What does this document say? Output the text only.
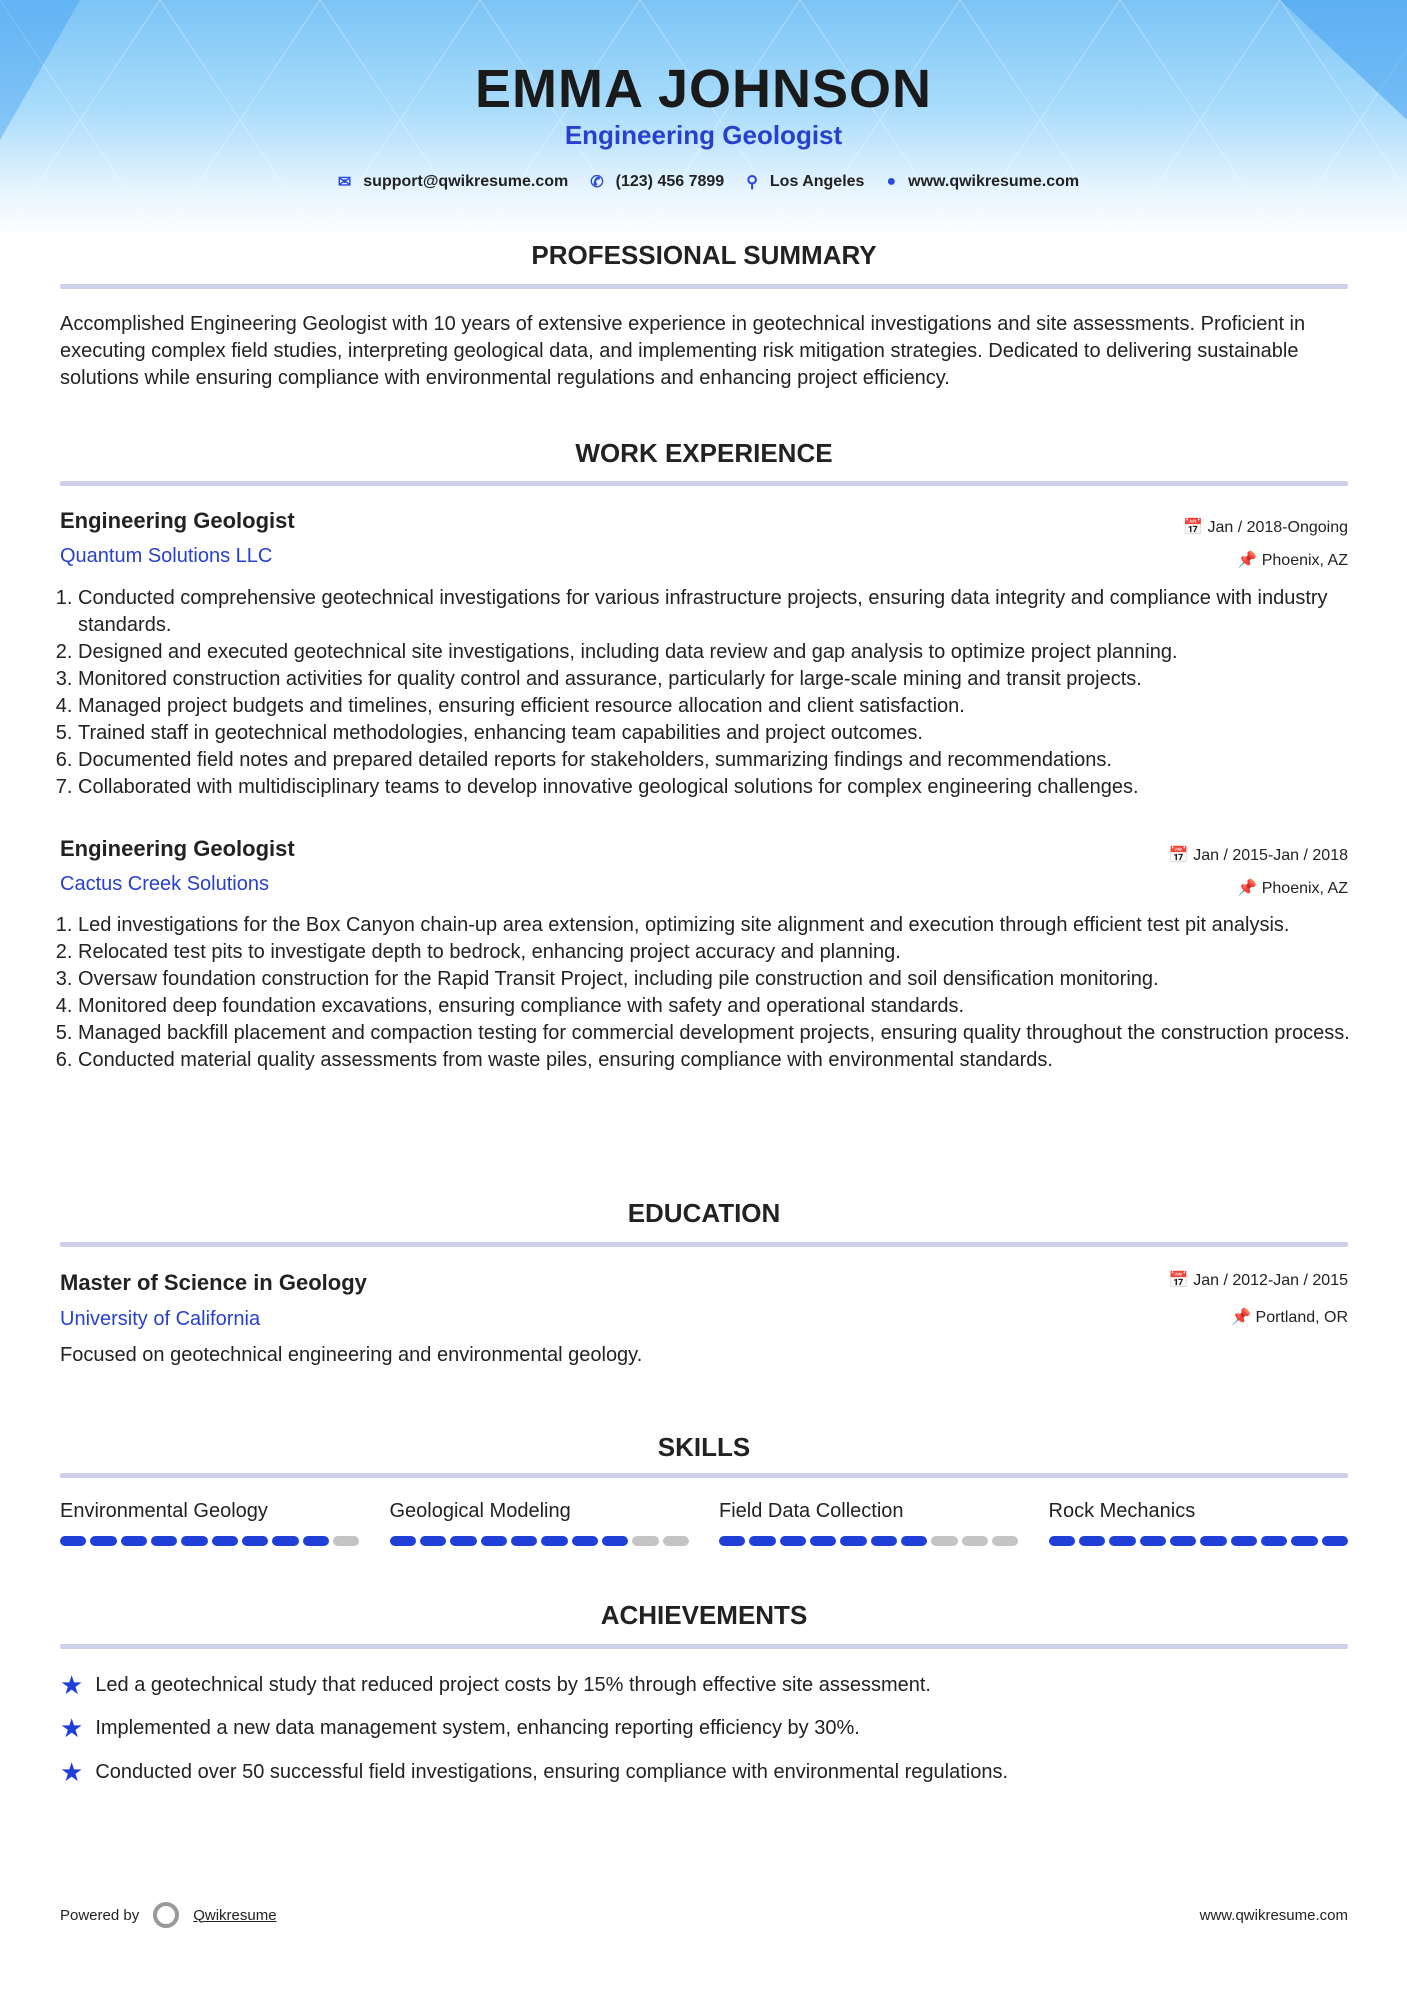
EMMA JOHNSON
Engineering Geologist
✉ support@qwikresume.com ✆ (123) 456 7899 ⚲ Los Angeles ● www.qwikresume.com
PROFESSIONAL SUMMARY
Accomplished Engineering Geologist with 10 years of extensive experience in geotechnical investigations and site assessments. Proficient in executing complex field studies, interpreting geological data, and implementing risk mitigation strategies. Dedicated to delivering sustainable solutions while ensuring compliance with environmental regulations and enhancing project efficiency.
WORK EXPERIENCE
Engineering Geologist
Quantum Solutions LLC
📅 Jan / 2018-Ongoing
📌 Phoenix, AZ
1. Conducted comprehensive geotechnical investigations for various infrastructure projects, ensuring data integrity and compliance with industry standards.
2. Designed and executed geotechnical site investigations, including data review and gap analysis to optimize project planning.
3. Monitored construction activities for quality control and assurance, particularly for large-scale mining and transit projects.
4. Managed project budgets and timelines, ensuring efficient resource allocation and client satisfaction.
5. Trained staff in geotechnical methodologies, enhancing team capabilities and project outcomes.
6. Documented field notes and prepared detailed reports for stakeholders, summarizing findings and recommendations.
7. Collaborated with multidisciplinary teams to develop innovative geological solutions for complex engineering challenges.
Engineering Geologist
Cactus Creek Solutions
📅 Jan / 2015-Jan / 2018
📌 Phoenix, AZ
1. Led investigations for the Box Canyon chain-up area extension, optimizing site alignment and execution through efficient test pit analysis.
2. Relocated test pits to investigate depth to bedrock, enhancing project accuracy and planning.
3. Oversaw foundation construction for the Rapid Transit Project, including pile construction and soil densification monitoring.
4. Monitored deep foundation excavations, ensuring compliance with safety and operational standards.
5. Managed backfill placement and compaction testing for commercial development projects, ensuring quality throughout the construction process.
6. Conducted material quality assessments from waste piles, ensuring compliance with environmental standards.
EDUCATION
Master of Science in Geology
University of California
📅 Jan / 2012-Jan / 2015
📌 Portland, OR
Focused on geotechnical engineering and environmental geology.
SKILLS
Environmental Geology	Geological Modeling	Field Data Collection	Rock Mechanics
ACHIEVEMENTS
★ Led a geotechnical study that reduced project costs by 15% through effective site assessment.
★ Implemented a new data management system, enhancing reporting efficiency by 30%.
★ Conducted over 50 successful field investigations, ensuring compliance with environmental regulations.
Powered by	Qwikresume	www.qwikresume.com
